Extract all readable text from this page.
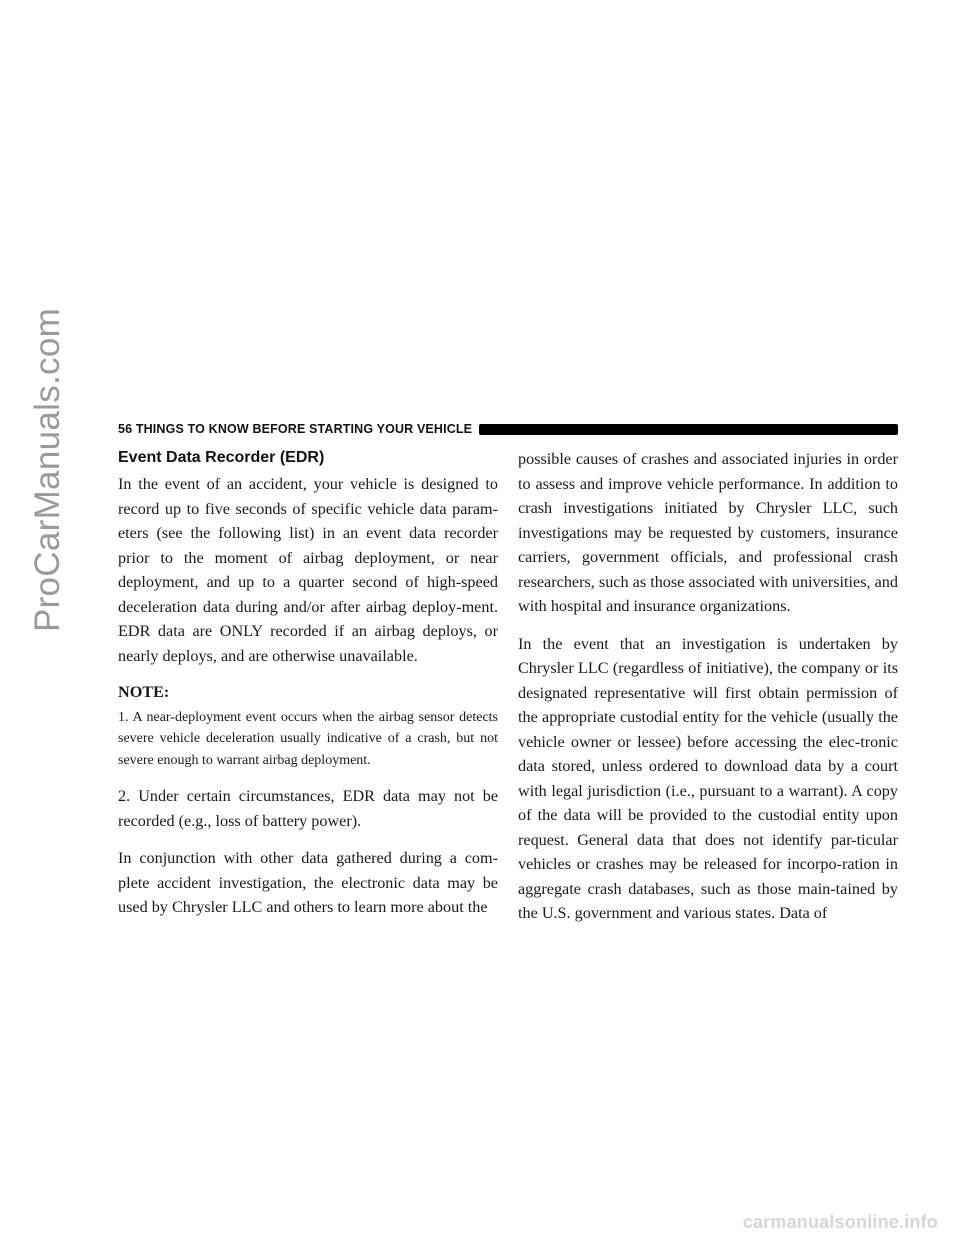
ProCarManuals.com	56 THINGS TO KNOW BEFORE STARTING YOUR VEHICLE
Event Data Recorder (EDR)

In the event of an accident, your vehicle is designed to record up to five seconds of specific vehicle data param-eters (see the following list) in an event data recorder prior to the moment of airbag deployment, or near deployment, and up to a quarter second of high-speed deceleration data during and/or after airbag deploy-ment. EDR data are ONLY recorded if an airbag deploys, or nearly deploys, and are otherwise unavailable.

NOTE:

1. A near-deployment event occurs when the airbag sensor detects severe vehicle deceleration usually indicative of a crash, but not severe enough to warrant airbag deployment.

2. Under certain circumstances, EDR data may not be recorded (e.g., loss of battery power).

In conjunction with other data gathered during a com-plete accident investigation, the electronic data may be used by Chrysler LLC and others to learn more about the

possible causes of crashes and associated injuries in order to assess and improve vehicle performance. In addition to crash investigations initiated by Chrysler LLC, such investigations may be requested by customers, insurance carriers, government officials, and professional crash researchers, such as those associated with universities, and with hospital and insurance organizations.

In the event that an investigation is undertaken by Chrysler LLC (regardless of initiative), the company or its designated representative will first obtain permission of the appropriate custodial entity for the vehicle (usually the vehicle owner or lessee) before accessing the elec-tronic data stored, unless ordered to download data by a court with legal jurisdiction (i.e., pursuant to a warrant). A copy of the data will be provided to the custodial entity upon request. General data that does not identify par-ticular vehicles or crashes may be released for incorpo-ration in aggregate crash databases, such as those main-tained by the U.S. government and various states. Data of

carmanualsonline.info
